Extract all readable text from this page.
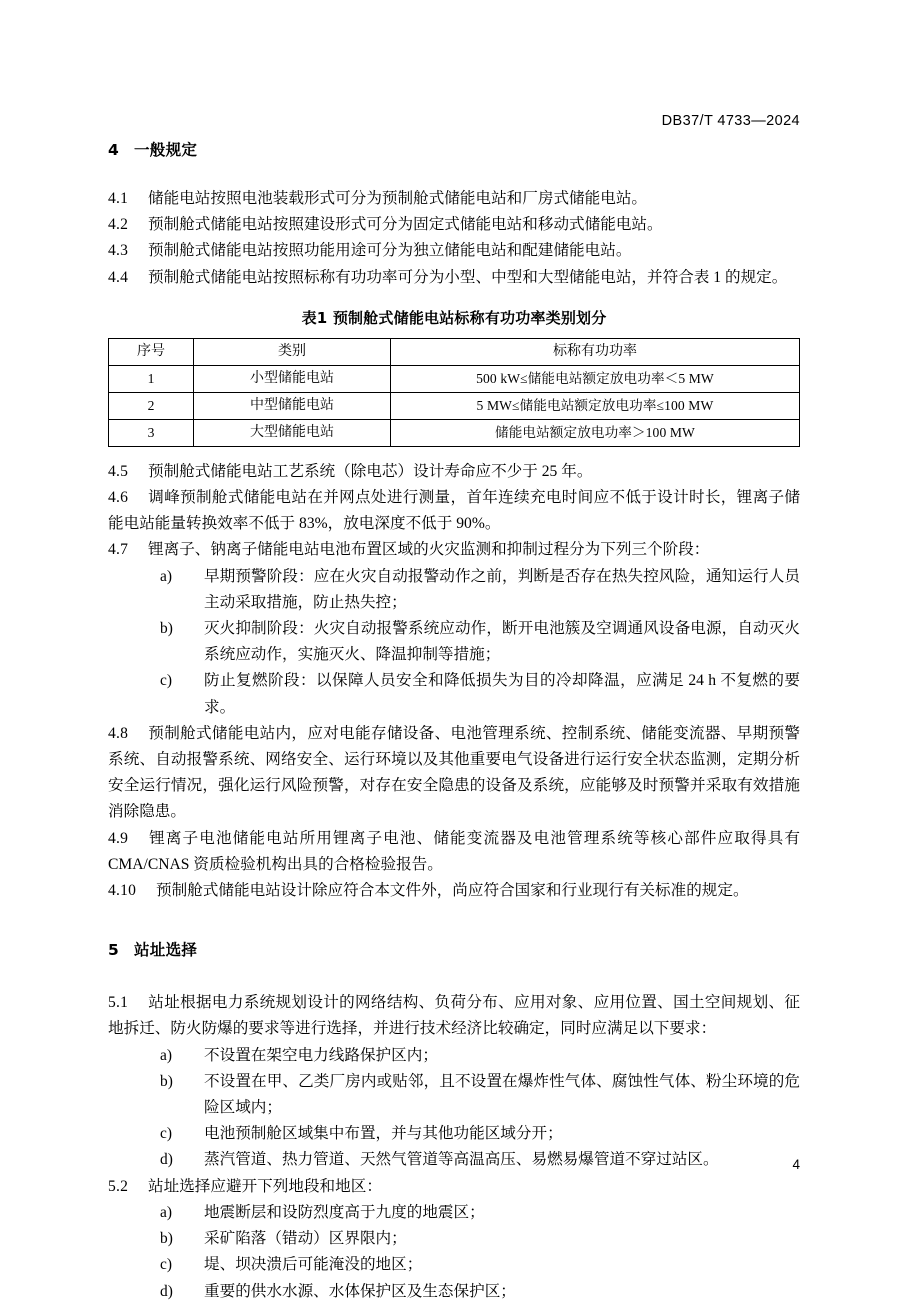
DB37/T 4733—2024

4 一般规定

4.1 储能电站按照电池装载形式可分为预制舱式储能电站和厂房式储能电站。

4.2 预制舱式储能电站按照建设形式可分为固定式储能电站和移动式储能电站。

4.3 预制舱式储能电站按照功能用途可分为独立储能电站和配建储能电站。

4.4 预制舱式储能电站按照标称有功功率可分为小型、中型和大型储能电站，并符合表 1 的规定。

表1 预制舱式储能电站标称有功功率类别划分

序号	类别	标称有功功率
1	小型储能电站	500 kW≤储能电站额定放电功率＜5 MW
2	中型储能电站	5 MW≤储能电站额定放电功率≤100 MW
3	大型储能电站	储能电站额定放电功率＞100 MW

4.5 预制舱式储能电站工艺系统（除电芯）设计寿命应不少于 25 年。

4.6 调峰预制舱式储能电站在并网点处进行测量，首年连续充电时间应不低于设计时长，锂离子储能电站能量转换效率不低于 83%，放电深度不低于 90%。

4.7 锂离子、钠离子储能电站电池布置区域的火灾监测和抑制过程分为下列三个阶段：

a) 早期预警阶段：应在火灾自动报警动作之前，判断是否存在热失控风险，通知运行人员主动采取措施，防止热失控；
b) 灭火抑制阶段：火灾自动报警系统应动作，断开电池簇及空调通风设备电源，自动灭火系统应动作，实施灭火、降温抑制等措施；
c) 防止复燃阶段：以保障人员安全和降低损失为目的冷却降温，应满足 24 h 不复燃的要求。

4.8 预制舱式储能电站内，应对电能存储设备、电池管理系统、控制系统、储能变流器、早期预警系统、自动报警系统、网络安全、运行环境以及其他重要电气设备进行运行安全状态监测，定期分析安全运行情况，强化运行风险预警，对存在安全隐患的设备及系统，应能够及时预警并采取有效措施消除隐患。

4.9 锂离子电池储能电站所用锂离子电池、储能变流器及电池管理系统等核心部件应取得具有 CMA/CNAS 资质检验机构出具的合格检验报告。

4.10 预制舱式储能电站设计除应符合本文件外，尚应符合国家和行业现行有关标准的规定。

5 站址选择

5.1 站址根据电力系统规划设计的网络结构、负荷分布、应用对象、应用位置、国土空间规划、征地拆迁、防火防爆的要求等进行选择，并进行技术经济比较确定，同时应满足以下要求：

a) 不设置在架空电力线路保护区内；
b) 不设置在甲、乙类厂房内或贴邻，且不设置在爆炸性气体、腐蚀性气体、粉尘环境的危险区域内；
c) 电池预制舱区域集中布置，并与其他功能区域分开；
d) 蒸汽管道、热力管道、天然气管道等高温高压、易燃易爆管道不穿过站区。

5.2 站址选择应避开下列地段和地区：

a) 地震断层和设防烈度高于九度的地震区；
b) 采矿陷落（错动）区界限内；
c) 堤、坝决溃后可能淹没的地区；
d) 重要的供水水源、水体保护区及生态保护区；
4
